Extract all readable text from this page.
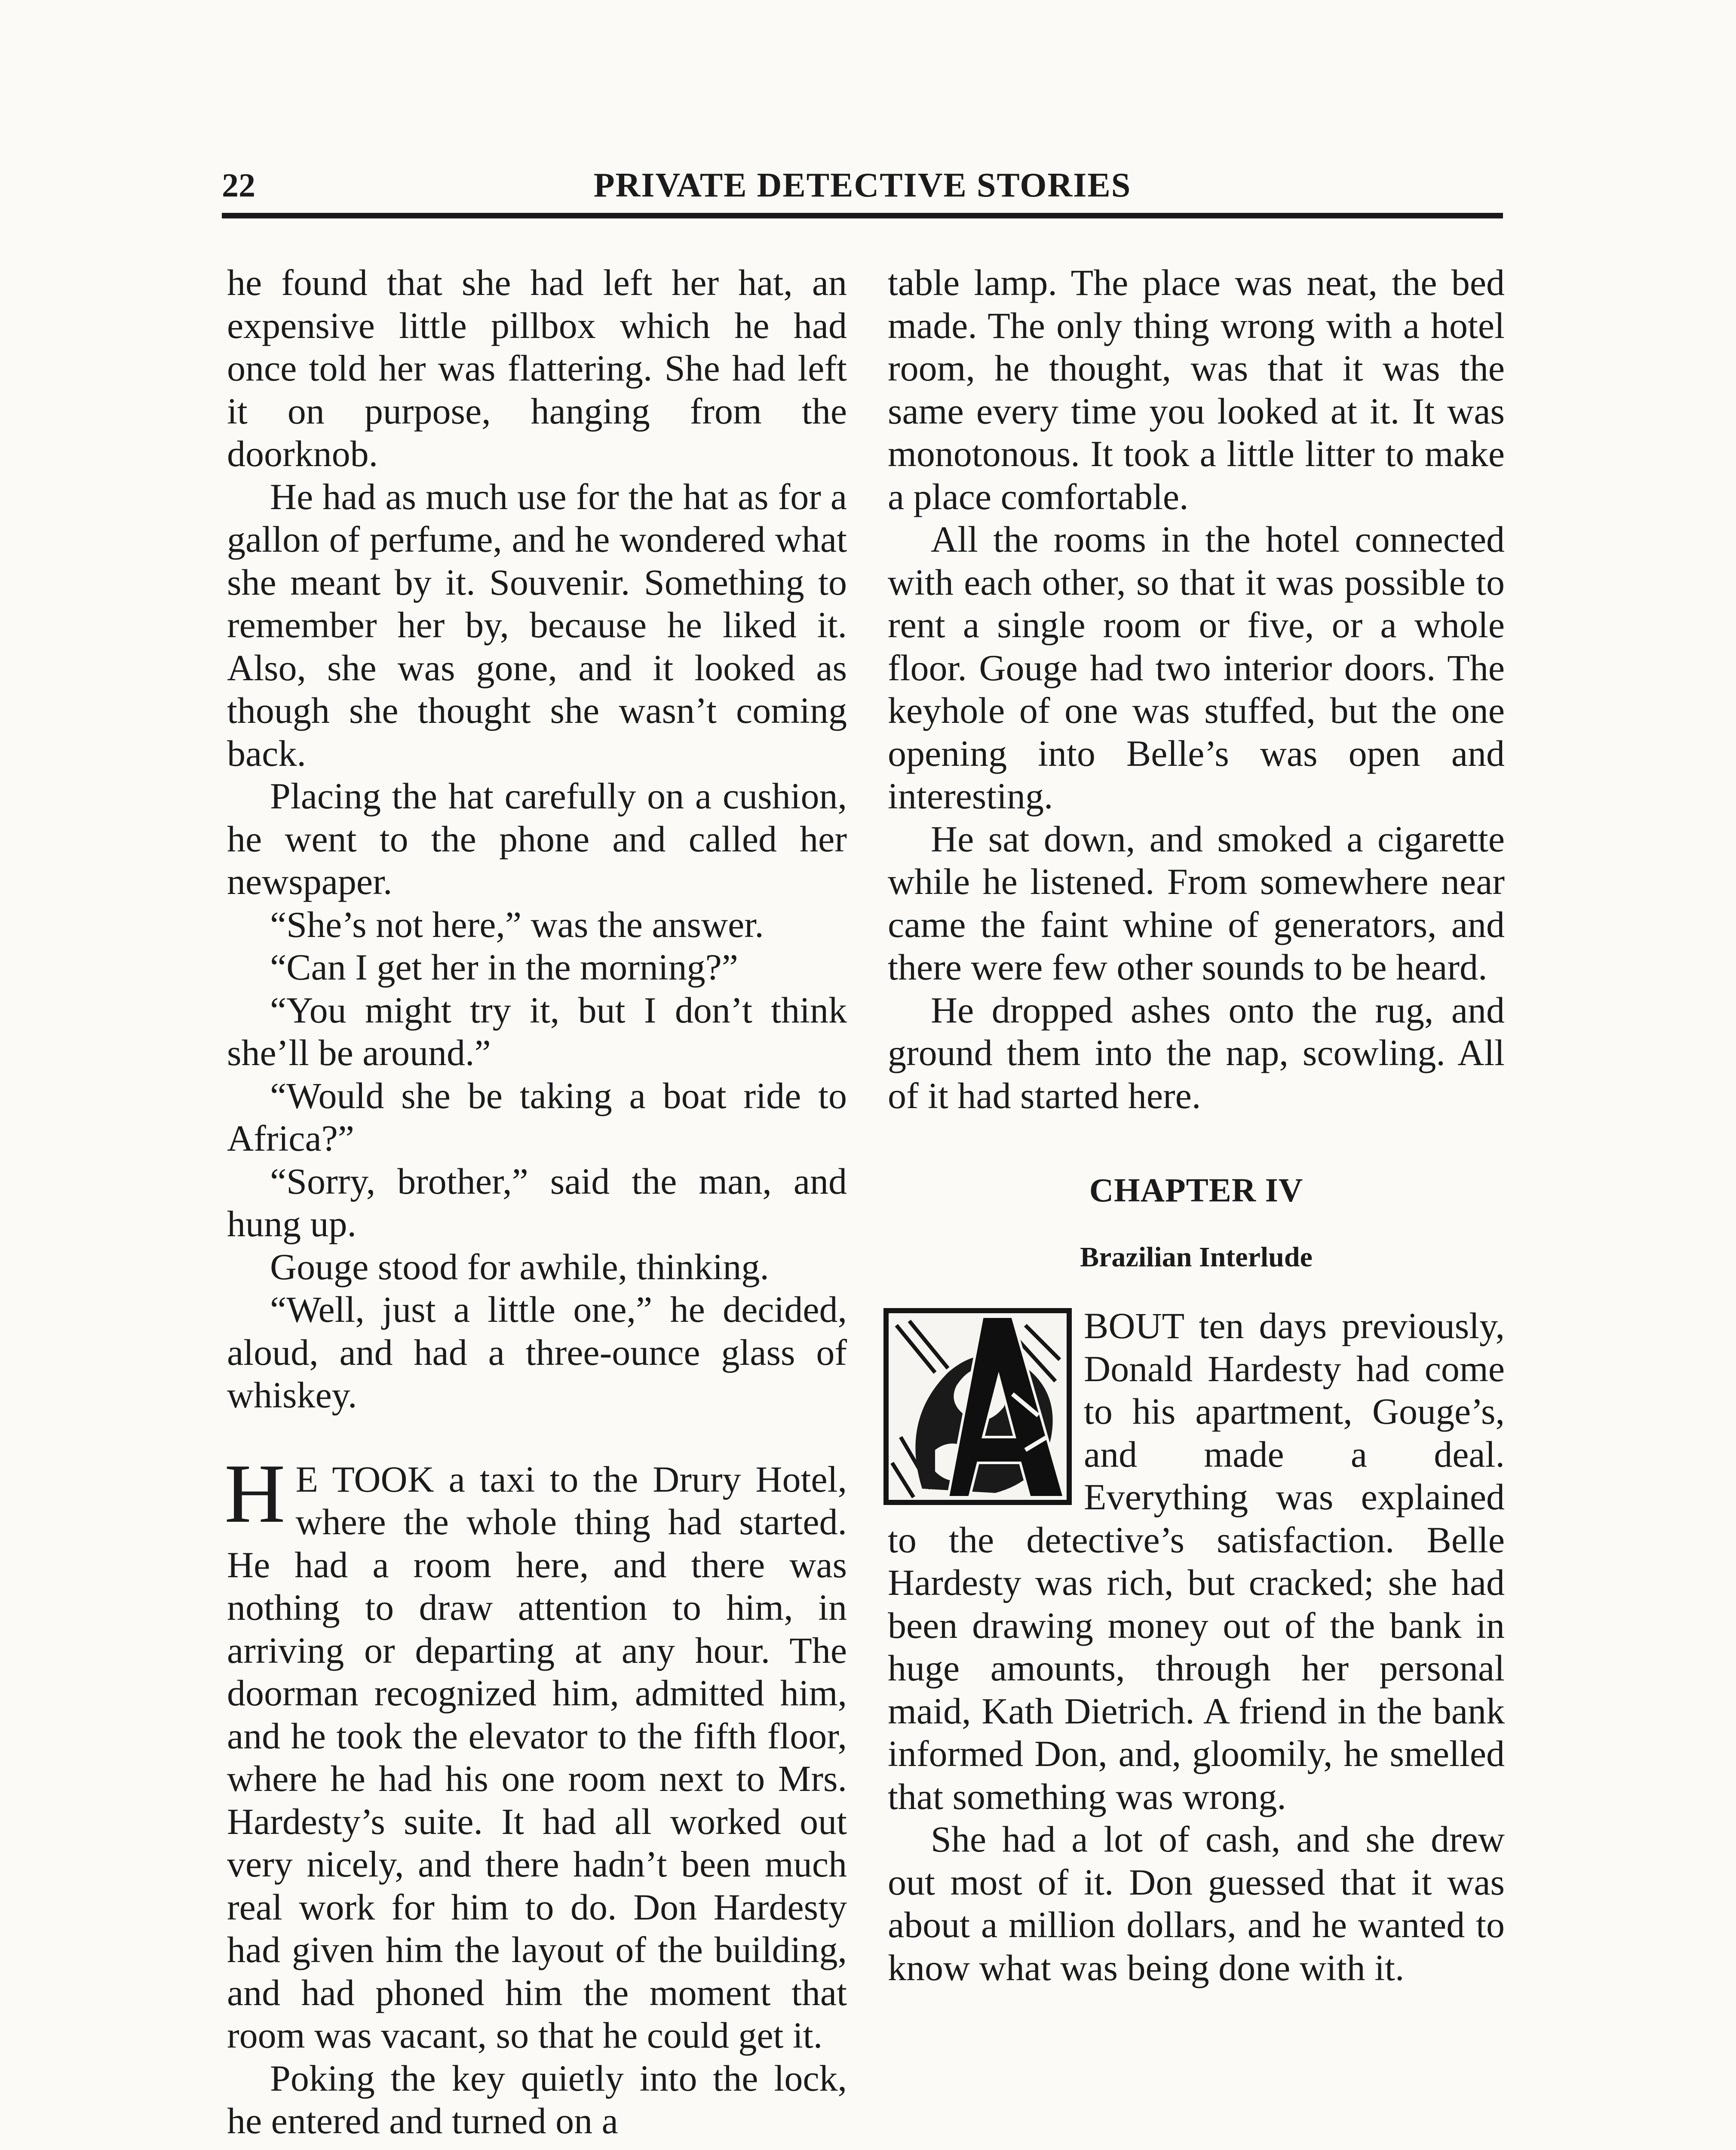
22	PRIVATE DETECTIVE STORIES

he found that she had left her hat, an expensive little pillbox which he had once told her was flattering. She had left it on purpose, hanging from the doorknob.

He had as much use for the hat as for a gallon of perfume, and he wondered what she meant by it. Souvenir. Something to remember her by, because he liked it. Also, she was gone, and it looked as though she thought she wasn’t coming back.

Placing the hat carefully on a cushion, he went to the phone and called her newspaper.

“She’s not here,” was the answer.

“Can I get her in the morning?”

“You might try it, but I don’t think she’ll be around.”

“Would she be taking a boat ride to Africa?”

“Sorry, brother,” said the man, and hung up.

Gouge stood for awhile, thinking.

“Well, just a little one,” he decided, aloud, and had a three-ounce glass of whiskey.

H E TOOK a taxi to the Drury Hotel, where the whole thing had started. He had a room here, and there was nothing to draw attention to him, in arriving or departing at any hour. The doorman recognized him, admitted him, and he took the elevator to the fifth floor, where he had his one room next to Mrs. Hardesty’s suite. It had all worked out very nicely, and there hadn’t been much real work for him to do. Don Hardesty had given him the layout of the building, and had phoned him the moment that room was vacant, so that he could get it.

Poking the key quietly into the lock, he entered and turned on a

table lamp. The place was neat, the bed made. The only thing wrong with a hotel room, he thought, was that it was the same every time you looked at it. It was monotonous. It took a little litter to make a place comfortable.

All the rooms in the hotel connected with each other, so that it was possible to rent a single room or five, or a whole floor. Gouge had two interior doors. The keyhole of one was stuffed, but the one opening into Belle’s was open and interesting.

He sat down, and smoked a cigarette while he listened. From somewhere near came the faint whine of generators, and there were few other sounds to be heard.

He dropped ashes onto the rug, and ground them into the nap, scowling. All of it had started here.

CHAPTER IV
Brazilian Interlude

BOUT ten days previously, Donald Hardesty had come to his apartment, Gouge’s, and made a deal. Everything was explained to the detective’s satisfaction. Belle Hardesty was rich, but cracked; she had been drawing money out of the bank in huge amounts, through her personal maid, Kath Dietrich. A friend in the bank informed Don, and, gloomily, he smelled that something was wrong.

She had a lot of cash, and she drew out most of it. Don guessed that it was about a million dollars, and he wanted to know what was being done with it.
